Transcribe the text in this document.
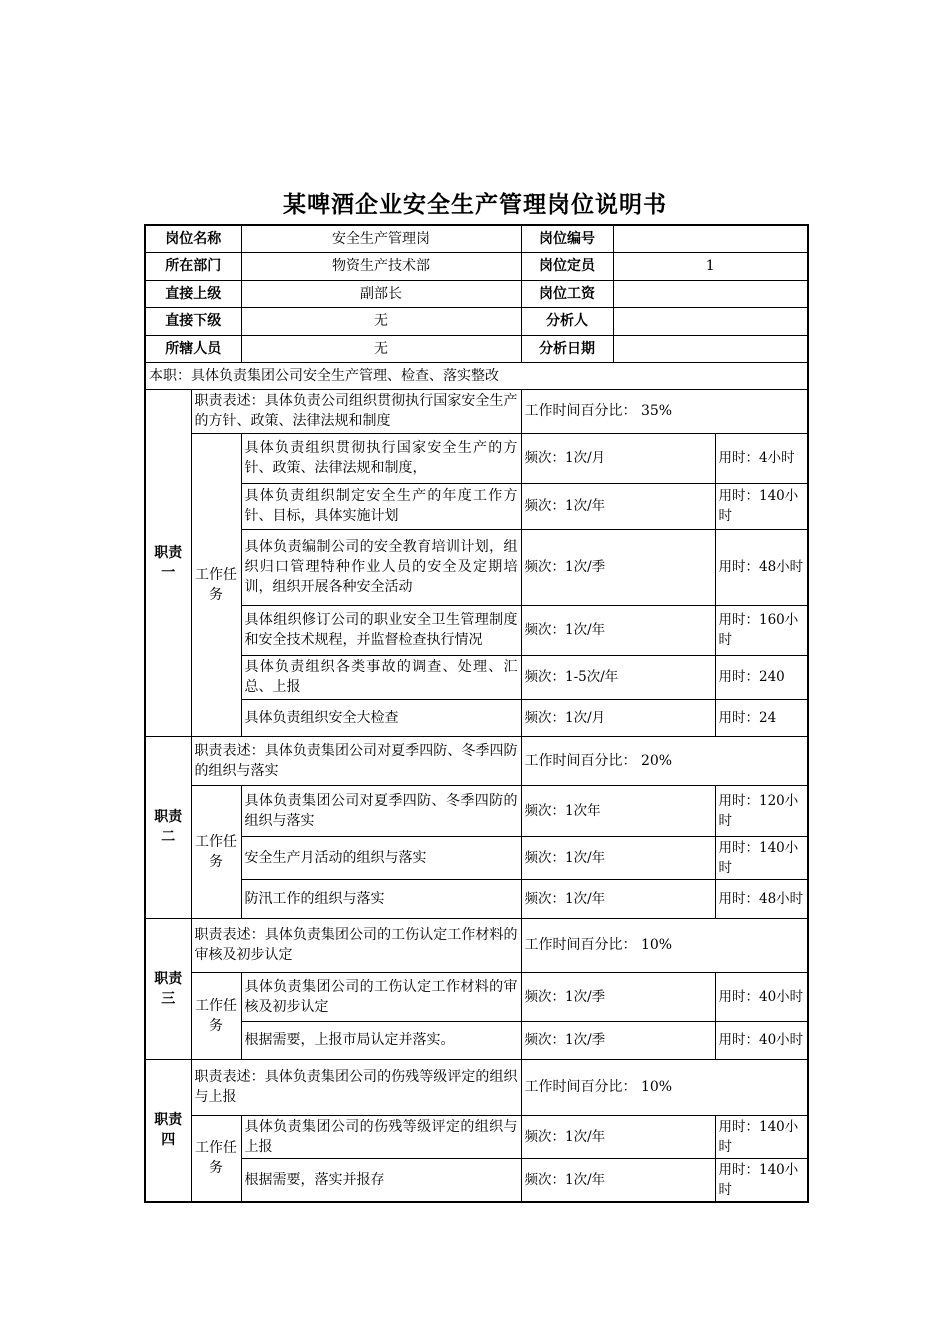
某啤酒企业安全生产管理岗位说明书
岗位名称		安全生产管理岗	岗位编号		
所在部门		物资生产技术部	岗位定员	1	
直接上级		副部长	岗位工资		
直接下级		无	分析人		
所辖人员		无	分析日期		
本职：具体负责集团公司安全生产管理、检查、落实整改					
职责一	职责表述：具体负责公司组织贯彻执行国家安全生产的方针、政策、法律法规和制度		工作时间百分比： 35%		
	工作任务	具体负责组织贯彻执行国家安全生产的方针、政策、法律法规和制度，	频次：1次/月		用时：4小时
		具体负责组织制定安全生产的年度工作方针、目标，具体实施计划	频次：1次/年		用时：140小时
		具体负责编制公司的安全教育培训计划，组织归口管理特种作业人员的安全及定期培训，组织开展各种安全活动	频次：1次/季		用时：48小时
		具体组织修订公司的职业安全卫生管理制度和安全技术规程，并监督检查执行情况	频次：1次/年		用时：160小时
		具体负责组织各类事故的调查、处理、汇总、上报	频次：1-5次/年		用时：240
		具体负责组织安全大检查	频次：1次/月		用时：24
职责二	职责表述：具体负责集团公司对夏季四防、冬季四防的组织与落实		工作时间百分比： 20%		
	工作任务	具体负责集团公司对夏季四防、冬季四防的组织与落实	频次：1次年		用时：120小时
		安全生产月活动的组织与落实	频次：1次/年		用时：140小时
		防汛工作的组织与落实	频次：1次/年		用时：48小时
职责三	职责表述：具体负责集团公司的工伤认定工作材料的审核及初步认定		工作时间百分比： 10%		
	工作任务	具体负责集团公司的工伤认定工作材料的审核及初步认定	频次：1次/季		用时：40小时
		根据需要，上报市局认定并落实。	频次：1次/季		用时：40小时
职责四	职责表述：具体负责集团公司的伤残等级评定的组织与上报		工作时间百分比： 10%		
	工作任务	具体负责集团公司的伤残等级评定的组织与上报	频次：1次/年		用时：140小时
		根据需要，落实并报存	频次：1次/年		用时：140小时
